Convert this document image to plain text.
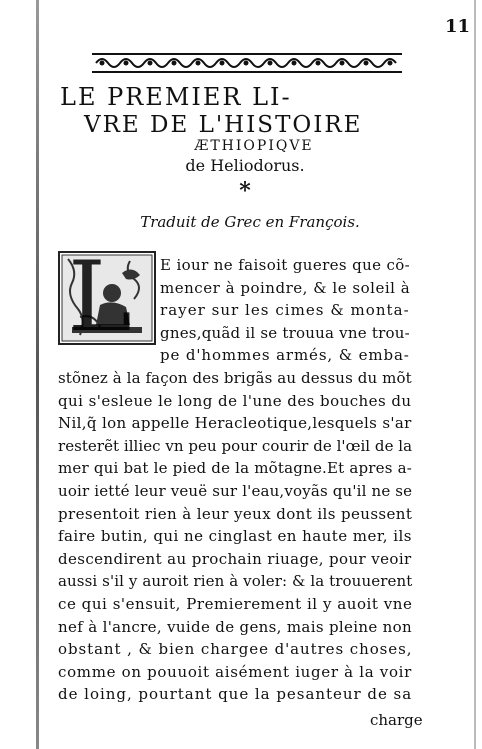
11
LE PREMIER LI-
VRE DE L'HISTOIRE
ÆTHIOPIQVE
de Heliodorus.
*
Traduit de Grec en François.
L E iour ne faisoit gueres que cõ-
mencer à poindre, & le soleil à
rayer sur les cimes & monta-
gnes,quãd il se trouua vne trou-
pe d'hommes armés, & emba-
stõnez à la façon des brigãs au dessus du mõt
qui s'esleue le long de l'une des bouches du
Nil,q̃ lon appelle Heracleotique,lesquels s'ar
resterẽt illiec vn peu pour courir de l'œil de la
mer qui bat le pied de la mõtagne.Et apres a-
uoir ietté leur veuë sur l'eau,voyãs qu'il ne se
presentoit rien à leur yeux dont ils peussent
faire butin, qui ne cinglast en haute mer, ils
descendirent au prochain riuage, pour veoir
aussi s'il y auroit rien à voler: & la trouuerent
ce qui s'ensuit, Premierement il y auoit vne
nef à l'ancre, vuide de gens, mais pleine non
obstant , & bien chargee d'autres choses,
comme on pouuoit aisément iuger à la voir
de loing, pourtant que la pesanteur de sa
charge
